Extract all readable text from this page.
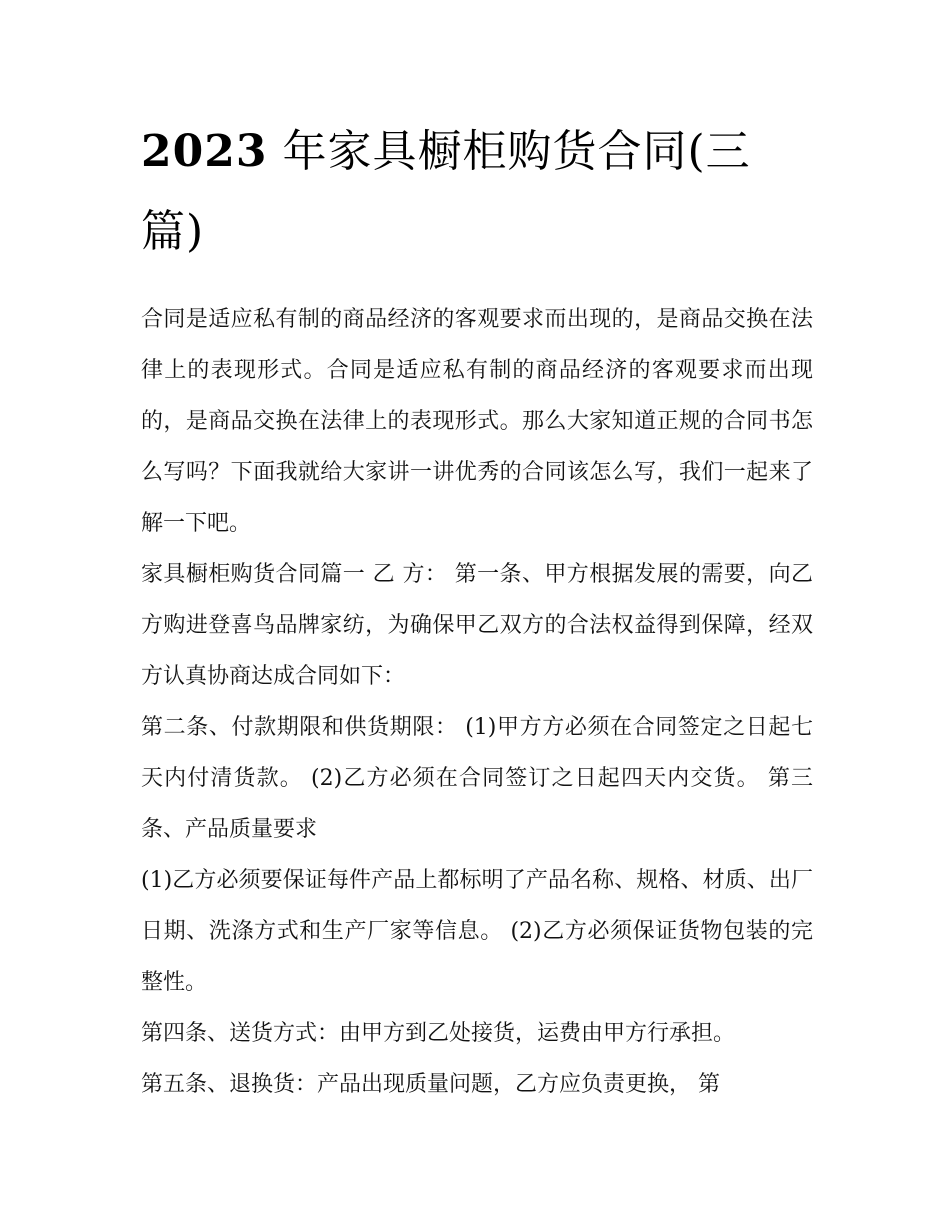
2023 年家具橱柜购货合同(三篇)

合同是适应私有制的商品经济的客观要求而出现的，是商品交换在法律上的表现形式。合同是适应私有制的商品经济的客观要求而出现的，是商品交换在法律上的表现形式。那么大家知道正规的合同书怎么写吗？下面我就给大家讲一讲优秀的合同该怎么写，我们一起来了解一下吧。

家具橱柜购货合同篇一 乙 方： 第一条、甲方根据发展的需要，向乙方购进登喜鸟品牌家纺，为确保甲乙双方的合法权益得到保障，经双方认真协商达成合同如下：

第二条、付款期限和供货期限： (1)甲方方必须在合同签定之日起七天内付清货款。 (2)乙方必须在合同签订之日起四天内交货。 第三条、产品质量要求

(1)乙方必须要保证每件产品上都标明了产品名称、规格、材质、出厂日期、洗涤方式和生产厂家等信息。 (2)乙方必须保证货物包装的完整性。

第四条、送货方式：由甲方到乙处接货，运费由甲方行承担。

第五条、退换货：产品出现质量问题，乙方应负责更换， 第
